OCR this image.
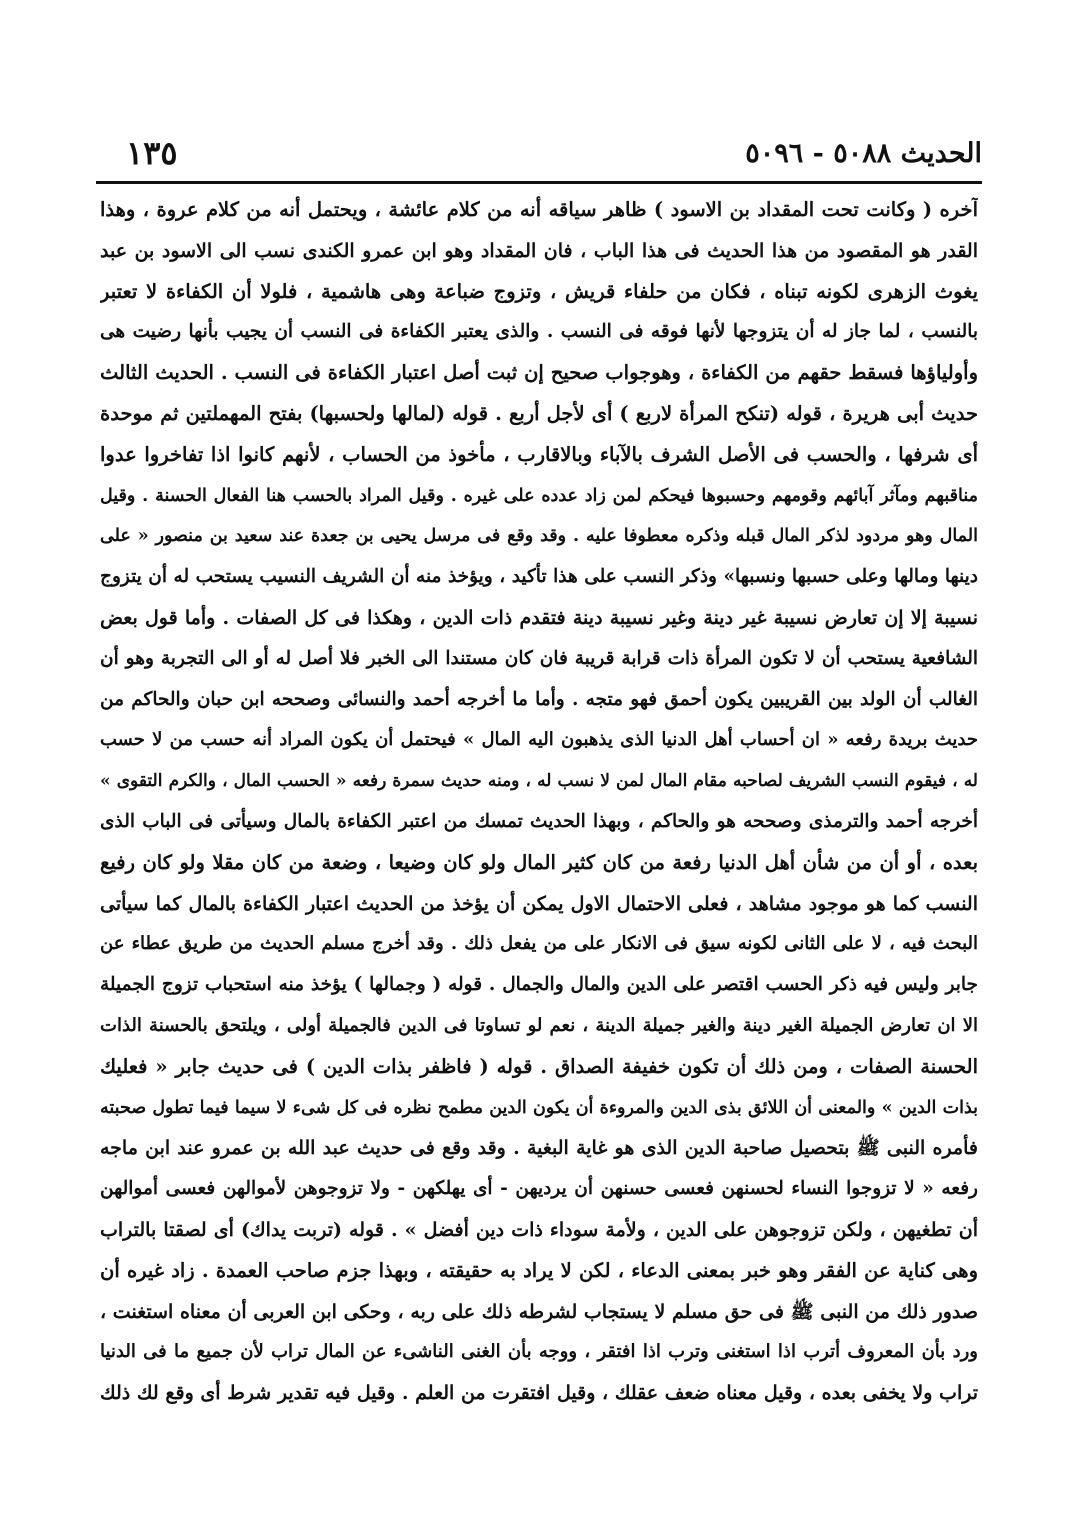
الحديث ٥٠٨٨ - ٥٠٩٦
١٣٥
آخره ( وكانت تحت المقداد بن الاسود ) ظاهر سياقه أنه من كلام عائشة ، ويحتمل أنه من كلام عروة ، وهذا
القدر هو المقصود من هذا الحديث فى هذا الباب ، فان المقداد وهو ابن عمرو الكندى نسب الى الاسود بن عبد
يغوث الزهرى لكونه تبناه ، فكان من حلفاء قريش ، وتزوج ضباعة وهى هاشمية ، فلولا أن الكفاءة لا تعتبر
بالنسب ، لما جاز له أن يتزوجها لأنها فوقه فى النسب . والذى يعتبر الكفاءة فى النسب أن يجيب بأنها رضيت هى
وأولياؤها فسقط حقهم من الكفاءة ، وهوجواب صحيح إن ثبت أصل اعتبار الكفاءة فى النسب . الحديث الثالث
حديث أبى هريرة ، قوله (تنكح المرأة لاربع ) أى لأجل أربع . قوله (لمالها ولحسبها) بفتح المهملتين ثم موحدة
أى شرفها ، والحسب فى الأصل الشرف بالآباء وبالاقارب ، مأخوذ من الحساب ، لأنهم كانوا اذا تفاخروا عدوا
مناقبهم ومآثر آبائهم وقومهم وحسبوها فيحكم لمن زاد عدده على غيره . وقيل المراد بالحسب هنا الفعال الحسنة . وقيل
المال وهو مردود لذكر المال قبله وذكره معطوفا عليه . وقد وقع فى مرسل يحيى بن جعدة عند سعيد بن منصور « على
دينها ومالها وعلى حسبها ونسبها» وذكر النسب على هذا تأكيد ، ويؤخذ منه أن الشريف النسيب يستحب له أن يتزوج
نسيبة إلا إن تعارض نسيبة غير دينة وغير نسيبة دينة فتقدم ذات الدين ، وهكذا فى كل الصفات . وأما قول بعض
الشافعية يستحب أن لا تكون المرأة ذات قرابة قريبة فان كان مستندا الى الخبر فلا أصل له أو الى التجربة وهو أن
الغالب أن الولد بين القريبين يكون أحمق فهو متجه . وأما ما أخرجه أحمد والنسائى وصححه ابن حبان والحاكم من
حديث بريدة رفعه « ان أحساب أهل الدنيا الذى يذهبون اليه المال » فيحتمل أن يكون المراد أنه حسب من لا حسب
له ، فيقوم النسب الشريف لصاحبه مقام المال لمن لا نسب له ، ومنه حديث سمرة رفعه « الحسب المال ، والكرم التقوى »
أخرجه أحمد والترمذى وصححه هو والحاكم ، وبهذا الحديث تمسك من اعتبر الكفاءة بالمال وسيأتى فى الباب الذى
بعده ، أو أن من شأن أهل الدنيا رفعة من كان كثير المال ولو كان وضيعا ، وضعة من كان مقلا ولو كان رفيع
النسب كما هو موجود مشاهد ، فعلى الاحتمال الاول يمكن أن يؤخذ من الحديث اعتبار الكفاءة بالمال كما سيأتى
البحث فيه ، لا على الثانى لكونه سيق فى الانكار على من يفعل ذلك . وقد أخرج مسلم الحديث من طريق عطاء عن
جابر وليس فيه ذكر الحسب اقتصر على الدين والمال والجمال . قوله ( وجمالها ) يؤخذ منه استحباب تزوج الجميلة
الا ان تعارض الجميلة الغير دينة والغير جميلة الدينة ، نعم لو تساوتا فى الدين فالجميلة أولى ، ويلتحق بالحسنة الذات
الحسنة الصفات ، ومن ذلك أن تكون خفيفة الصداق . قوله ( فاظفر بذات الدين ) فى حديث جابر « فعليك
بذات الدين » والمعنى أن اللائق بذى الدين والمروءة أن يكون الدين مطمح نظره فى كل شىء لا سيما فيما تطول صحبته
فأمره النبى ﷺ بتحصيل صاحبة الدين الذى هو غاية البغية . وقد وقع فى حديث عبد الله بن عمرو عند ابن ماجه
رفعه « لا تزوجوا النساء لحسنهن فعسى حسنهن أن يرديهن - أى يهلكهن - ولا تزوجوهن لأموالهن فعسى أموالهن
أن تطغيهن ، ولكن تزوجوهن على الدين ، ولأمة سوداء ذات دين أفضل » . قوله (تربت يداك) أى لصقتا بالتراب
وهى كناية عن الفقر وهو خبر بمعنى الدعاء ، لكن لا يراد به حقيقته ، وبهذا جزم صاحب العمدة . زاد غيره أن
صدور ذلك من النبى ﷺ فى حق مسلم لا يستجاب لشرطه ذلك على ربه ، وحكى ابن العربى أن معناه استغنت ،
ورد بأن المعروف أترب اذا استغنى وترب اذا افتقر ، ووجه بأن الغنى الناشىء عن المال تراب لأن جميع ما فى الدنيا
تراب ولا يخفى بعده ، وقيل معناه ضعف عقلك ، وقيل افتقرت من العلم . وقيل فيه تقدير شرط أى وقع لك ذلك
